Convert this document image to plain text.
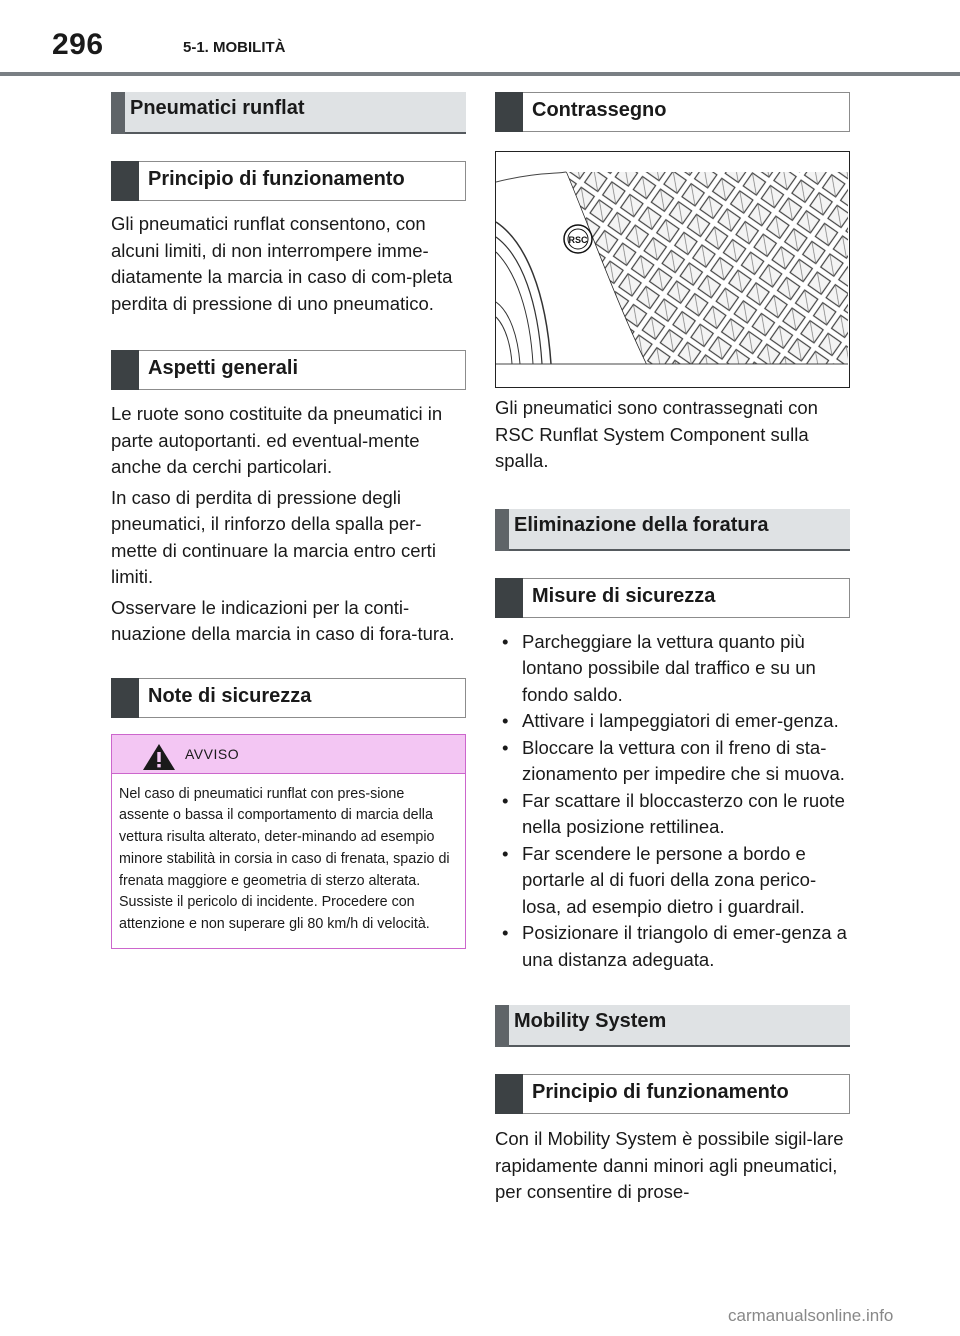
296	5-1. MOBILITÀ
Pneumatici runflat
Principio di funzionamento

Gli pneumatici runflat consentono, con alcuni limiti, di non interrompere imme-diatamente la marcia in caso di com-pleta perdita di pressione di uno pneumatico.

Aspetti generali

Le ruote sono costituite da pneumatici in parte autoportanti. ed eventual-mente anche da cerchi particolari.

In caso di perdita di pressione degli pneumatici, il rinforzo della spalla per-mette di continuare la marcia entro certi limiti.

Osservare le indicazioni per la conti-nuazione della marcia in caso di fora-tura.

Note di sicurezza
AVVISO
Nel caso di pneumatici runflat con pres-sione assente o bassa il comportamento di marcia della vettura risulta alterato, deter-minando ad esempio minore stabilità in corsia in caso di frenata, spazio di frenata maggiore e geometria di sterzo alterata. Sussiste il pericolo di incidente. Procedere con attenzione e non superare gli 80 km/h di velocità.
Contrassegno
RSC

Gli pneumatici sono contrassegnati con RSC Runflat System Component sulla spalla.

Eliminazione della foratura
Misure di sicurezza
• Parcheggiare la vettura quanto più lontano possibile dal traffico e su un fondo saldo.
• Attivare i lampeggiatori di emer-genza.
• Bloccare la vettura con il freno di sta-zionamento per impedire che si muova.
• Far scattare il bloccasterzo con le ruote nella posizione rettilinea.
• Far scendere le persone a bordo e portarle al di fuori della zona perico-losa, ad esempio dietro i guardrail.
• Posizionare il triangolo di emer-genza a una distanza adeguata.
Mobility System
Principio di funzionamento

Con il Mobility System è possibile sigil-lare rapidamente danni minori agli pneumatici, per consentire di prose-

carmanualsonline.info
